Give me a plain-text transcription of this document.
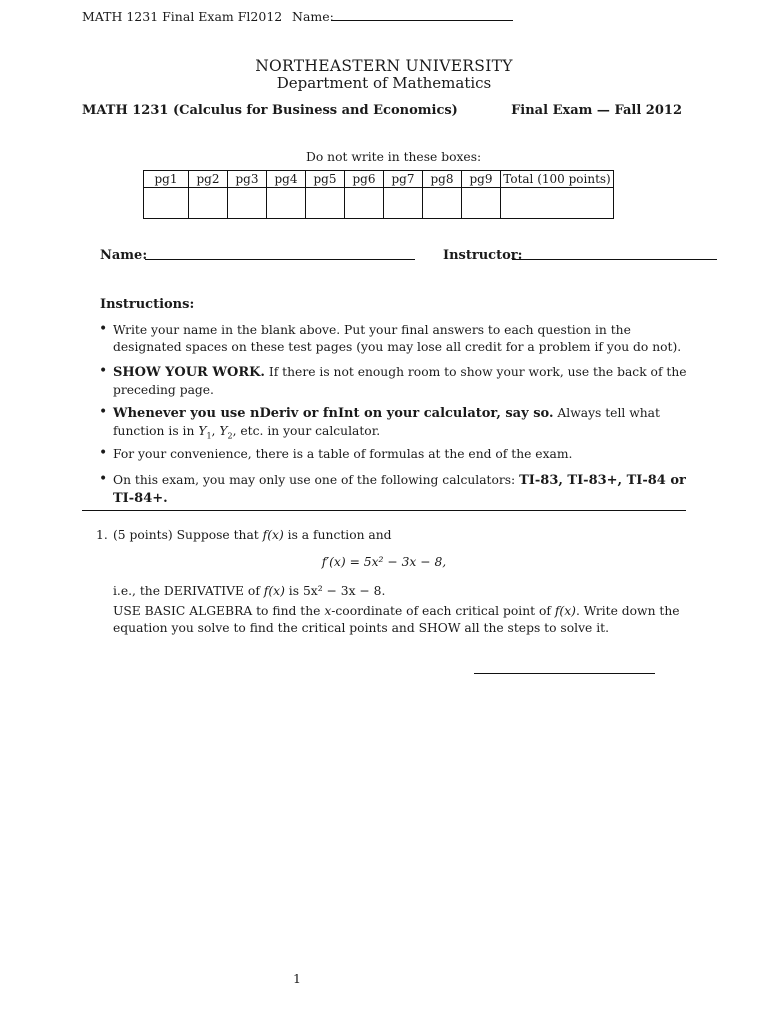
MATH 1231 Final Exam Fl2012 Name:
NORTHEASTERN UNIVERSITY
Department of Mathematics
MATH 1231 (Calculus for Business and Economics)	Final Exam — Fall 2012
Do not write in these boxes:
pg1	pg2	pg3	pg4	pg5	pg6	pg7	pg8	pg9	Total (100 points)

Name:	Instructor:
Instructions:
• Write your name in the blank above. Put your final answers to each question in the designated spaces on these test pages (you may lose all credit for a problem if you do not).
• SHOW YOUR WORK. If there is not enough room to show your work, use the back of the preceding page.
• Whenever you use nDeriv or fnInt on your calculator, say so. Always tell what function is in $Y_1$, $Y_2$, etc. in your calculator.
• For your convenience, there is a table of formulas at the end of the exam.
• On this exam, you may only use one of the following calculators: TI-83, TI-83+, TI-84 or TI-84+.
1. (5 points) Suppose that f(x) is a function and
f′(x) = 5x² − 3x − 8,
i.e., the DERIVATIVE of f(x) is 5x² − 3x − 8.
USE BASIC ALGEBRA to find the x-coordinate of each critical point of f(x). Write down the equation you solve to find the critical points and SHOW all the steps to solve it.
1
